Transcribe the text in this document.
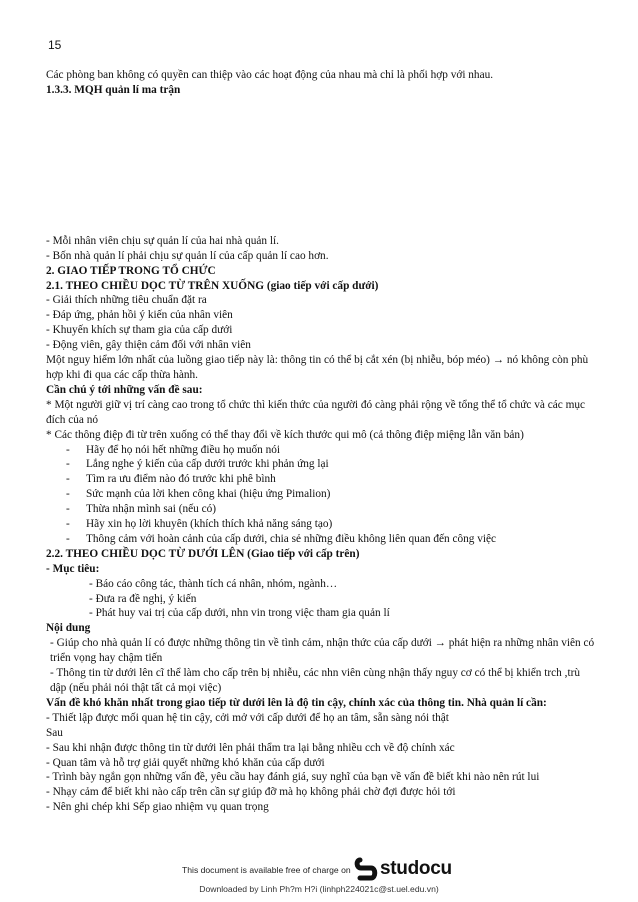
15
Các phòng ban không có quyền can thiệp vào các hoạt động của nhau mà chỉ là phối hợp với nhau.
1.3.3. MQH quản lí ma trận
- Mỗi nhân viên chịu sự quản lí của hai nhà quản lí.
- Bốn nhà quản lí phải chịu sự quản lí của cấp quản lí cao hơn.
2. GIAO TIẾP TRONG TỔ CHỨC
2.1. THEO CHIỀU DỌC TỪ TRÊN XUỐNG (giao tiếp với cấp dưới)
- Giải thích những tiêu chuẩn đặt ra
- Đáp ứng, phản hồi ý kiến của nhân viên
- Khuyến khích sự tham gia của cấp dưới
- Động viên, gây thiện cảm đối với nhân viên
Một nguy hiểm lớn nhất của luồng giao tiếp này là: thông tin có thể bị cắt xén (bị nhiễu, bóp méo) → nó không còn phù hợp khi đi qua các cấp thừa hành.
Cần chú ý tới những vấn đề sau:
* Một người giữ vị trí càng cao trong tổ chức thì kiến thức của người đó càng phải rộng về tổng thể tổ chức và các mục đích của nó
* Các thông điệp đi từ trên xuống có thể thay đổi về kích thước qui mô (cả thông điệp miệng lẫn văn bản)
- Hãy để họ nói hết những điều họ muốn nói
- Lắng nghe ý kiến của cấp dưới trước khi phản ứng lại
- Tìm ra ưu điểm nào đó trước khi phê bình
- Sức mạnh của lời khen công khai (hiệu ứng Pimalion)
- Thừa nhận mình sai (nếu có)
- Hãy xin họ lời khuyên (khích thích khả năng sáng tạo)
- Thông cảm với hoàn cảnh của cấp dưới, chia sẻ những điều không liên quan đến công việc
2.2. THEO CHIỀU DỌC TỪ DƯỚI LÊN (Giao tiếp với cấp trên)
- Mục tiêu:
- Báo cáo công tác, thành tích cá nhân, nhóm, ngành…
- Đưa ra đề nghị, ý kiến
- Phát huy vai trị của cấp dưới, nhn vin trong việc tham gia quản lí
Nội dung
- Giúp cho nhà quản lí có được những thông tin về tình cảm, nhận thức của cấp dưới → phát hiện ra những nhân viên có triển vọng hay chậm tiến
- Thông tin từ dưới lên cĩ thể làm cho cấp trên bị nhiễu, các nhn viên cùng nhận thấy nguy cơ có thể bị khiển trch ,trù dập (nếu phải nói thật tất cả mọi việc)
Vấn đề khó khăn nhất trong giao tiếp từ dưới lên là độ tin cậy, chính xác của thông tin. Nhà quản lí cần:
- Thiết lập được mối quan hệ tin cậy, cởi mở với cấp dưới để họ an tâm, sẵn sàng nói thật
Sau
- Sau khi nhận được thông tin từ dưới lên phải thẩm tra lại bằng nhiều cch về độ chính xác
- Quan tâm và hỗ trợ giải quyết những khó khăn của cấp dưới
- Trình bày ngắn gọn những vấn đề, yêu cầu hay đánh giá, suy nghĩ của bạn về vấn đề biết khi nào nên rút lui
- Nhạy cảm để biết khi nào cấp trên cần sự giúp đỡ mà họ không phải chờ đợi được hỏi tới
- Nên ghi chép khi Sếp giao nhiệm vụ quan trọng
This document is available free of charge on studocu
Downloaded by Linh Ph?m H?i (linhph224021c@st.uel.edu.vn)
